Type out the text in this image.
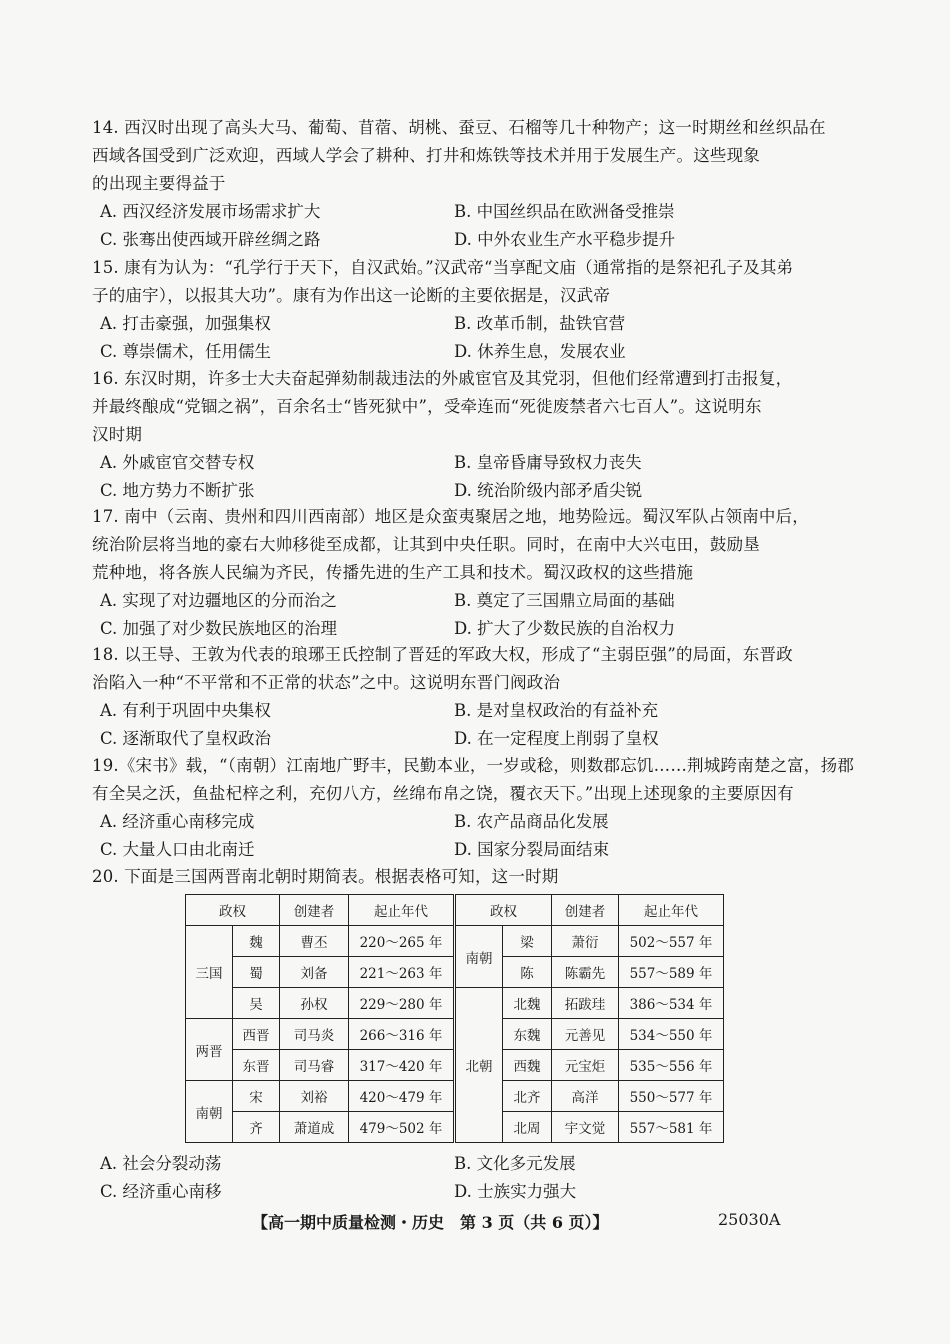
14. 西汉时出现了高头大马、葡萄、苜蓿、胡桃、蚕豆、石榴等几十种物产；这一时期丝和丝织品在
西域各国受到广泛欢迎，西域人学会了耕种、打井和炼铁等技术并用于发展生产。这些现象
的出现主要得益于
A. 西汉经济发展市场需求扩大	B. 中国丝织品在欧洲备受推崇
C. 张骞出使西域开辟丝绸之路	D. 中外农业生产水平稳步提升
15. 康有为认为：“孔学行于天下，自汉武始。”汉武帝“当享配文庙（通常指的是祭祀孔子及其弟
子的庙宇），以报其大功”。康有为作出这一论断的主要依据是，汉武帝
A. 打击豪强，加强集权	B. 改革币制，盐铁官营
C. 尊崇儒术，任用儒生	D. 休养生息，发展农业
16. 东汉时期，许多士大夫奋起弹劾制裁违法的外戚宦官及其党羽，但他们经常遭到打击报复，
并最终酿成“党锢之祸”，百余名士“皆死狱中”，受牵连而“死徙废禁者六七百人”。这说明东
汉时期
A. 外戚宦官交替专权	B. 皇帝昏庸导致权力丧失
C. 地方势力不断扩张	D. 统治阶级内部矛盾尖锐
17. 南中（云南、贵州和四川西南部）地区是众蛮夷聚居之地，地势险远。蜀汉军队占领南中后，
统治阶层将当地的豪右大帅移徙至成都，让其到中央任职。同时，在南中大兴屯田，鼓励垦
荒种地，将各族人民编为齐民，传播先进的生产工具和技术。蜀汉政权的这些措施
A. 实现了对边疆地区的分而治之	B. 奠定了三国鼎立局面的基础
C. 加强了对少数民族地区的治理	D. 扩大了少数民族的自治权力
18. 以王导、王敦为代表的琅琊王氏控制了晋廷的军政大权，形成了“主弱臣强”的局面，东晋政
治陷入一种“不平常和不正常的状态”之中。这说明东晋门阀政治
A. 有利于巩固中央集权	B. 是对皇权政治的有益补充
C. 逐渐取代了皇权政治	D. 在一定程度上削弱了皇权
19.《宋书》载，“（南朝）江南地广野丰，民勤本业，一岁或稔，则数郡忘饥……荆城跨南楚之富，扬郡
有全吴之沃，鱼盐杞梓之利，充仞八方，丝绵布帛之饶，覆衣天下。”出现上述现象的主要原因有
A. 经济重心南移完成	B. 农产品商品化发展
C. 大量人口由北南迁	D. 国家分裂局面结束
20. 下面是三国两晋南北朝时期简表。根据表格可知，这一时期
政权		创建者	起止年代	政权		创建者	起止年代
三国	魏	曹丕	220～265 年	南朝	梁	萧衍	502～557 年
	蜀	刘备	221～263 年		陈	陈霸先	557～589 年
	吴	孙权	229～280 年	北朝	北魏	拓跋珪	386～534 年
两晋	西晋	司马炎	266～316 年		东魏	元善见	534～550 年
	东晋	司马睿	317～420 年		西魏	元宝炬	535～556 年
南朝	宋	刘裕	420～479 年		北齐	高洋	550～577 年
	齐	萧道成	479～502 年		北周	宇文觉	557～581 年
A. 社会分裂动荡	B. 文化多元发展
C. 经济重心南移	D. 士族实力强大
【高一期中质量检测・历史　第 3 页（共 6 页）】	25030A
